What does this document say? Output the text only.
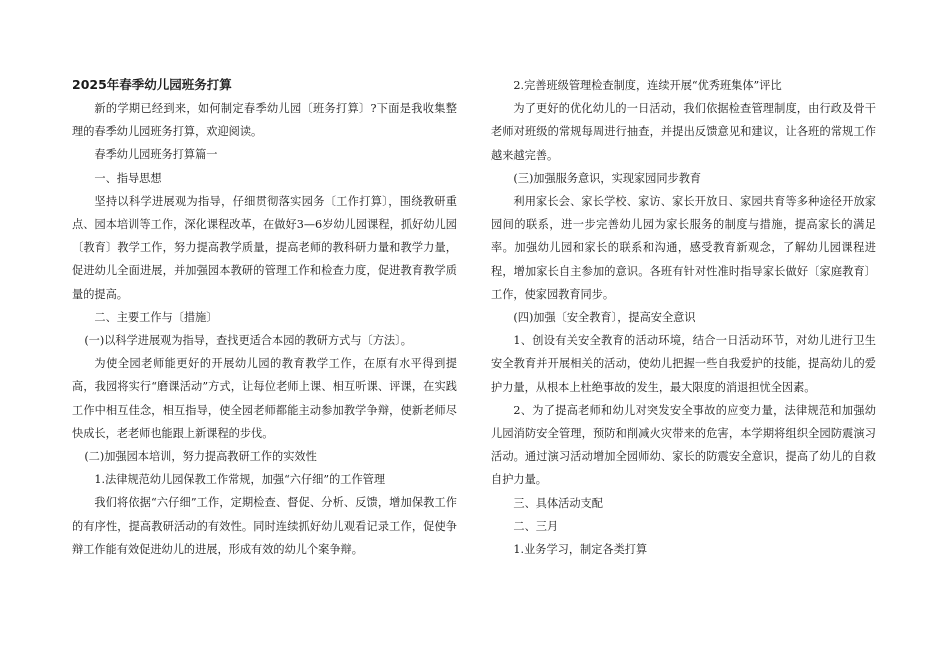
2025年春季幼儿园班务打算

新的学期已经到来，如何制定春季幼儿园〔班务打算〕?下面是我收集整理的春季幼儿园班务打算，欢迎阅读。

春季幼儿园班务打算篇一

一、指导思想

坚持以科学进展观为指导，仔细贯彻落实园务〔工作打算〕，围绕教研重点、园本培训等工作，深化课程改革，在做好3—6岁幼儿园课程，抓好幼儿园〔教育〕教学工作，努力提高教学质量，提高老师的教科研力量和教学力量，促进幼儿全面进展，并加强园本教研的管理工作和检查力度，促进教育教学质量的提高。

二、主要工作与〔措施〕

(一)以科学进展观为指导，查找更适合本园的教研方式与〔方法〕。

为使全园老师能更好的开展幼儿园的教育教学工作，在原有水平得到提高，我园将实行“磨课活动”方式，让每位老师上课、相互听课、评课，在实践工作中相互佳念，相互指导，使全园老师都能主动参加教学争辩，使新老师尽快成长，老老师也能跟上新课程的步伐。

(二)加强园本培训，努力提高教研工作的实效性

1.法律规范幼儿园保教工作常规，加强“六仔细”的工作管理

我们将依据“六仔细”工作，定期检查、督促、分析、反馈，增加保教工作的有序性，提高教研活动的有效性。同时连续抓好幼儿观看记录工作，促使争辩工作能有效促进幼儿的进展，形成有效的幼儿个案争辩。

2.完善班级管理检查制度，连续开展“优秀班集体”评比

为了更好的优化幼儿的一日活动，我们依据检查管理制度，由行政及骨干老师对班级的常规每周进行抽查，并提出反馈意见和建议，让各班的常规工作越来越完善。

(三)加强服务意识，实现家园同步教育

利用家长会、家长学校、家访、家长开放日、家园共育等多种途径开放家园间的联系，进一步完善幼儿园为家长服务的制度与措施，提高家长的满足率。加强幼儿园和家长的联系和沟通，感受教育新观念，了解幼儿园课程进程，增加家长自主参加的意识。各班有针对性准时指导家长做好〔家庭教育〕工作，使家园教育同步。

(四)加强〔安全教育〕，提高安全意识

1、创设有关安全教育的活动环境，结合一日活动环节，对幼儿进行卫生安全教育并开展相关的活动，使幼儿把握一些自我爱护的技能，提高幼儿的爱护力量，从根本上杜绝事故的发生，最大限度的消退担忧全因素。

2、为了提高老师和幼儿对突发安全事故的应变力量，法律规范和加强幼儿园消防安全管理，预防和削减火灾带来的危害，本学期将组织全园防震演习活动。通过演习活动增加全园师幼、家长的防震安全意识，提高了幼儿的自救自护力量。

三、具体活动支配

二、三月

1.业务学习，制定各类打算
